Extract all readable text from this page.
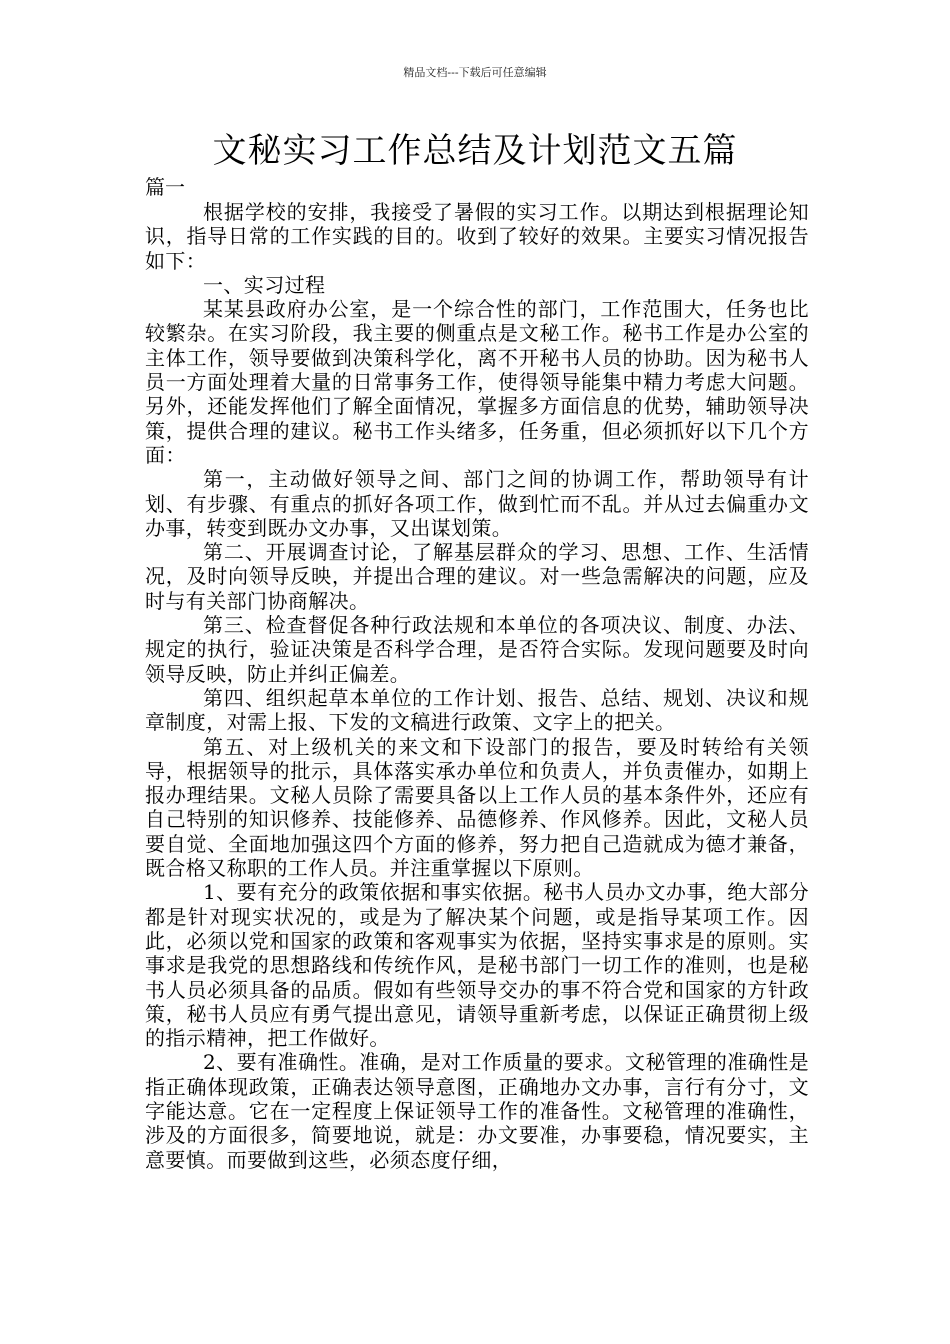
精品文档---下载后可任意编辑
文秘实习工作总结及计划范文五篇

篇一

根据学校的安排，我接受了暑假的实习工作。以期达到根据理论知识，指导日常的工作实践的目的。收到了较好的效果。主要实习情况报告如下：

一、实习过程

某某县政府办公室，是一个综合性的部门，工作范围大，任务也比较繁杂。在实习阶段，我主要的侧重点是文秘工作。秘书工作是办公室的主体工作，领导要做到决策科学化，离不开秘书人员的协助。因为秘书人员一方面处理着大量的日常事务工作，使得领导能集中精力考虑大问题。另外，还能发挥他们了解全面情况，掌握多方面信息的优势，辅助领导决策，提供合理的建议。秘书工作头绪多，任务重，但必须抓好以下几个方面：

第一，主动做好领导之间、部门之间的协调工作，帮助领导有计划、有步骤、有重点的抓好各项工作，做到忙而不乱。并从过去偏重办文办事，转变到既办文办事，又出谋划策。

第二、开展调查讨论，了解基层群众的学习、思想、工作、生活情况，及时向领导反映，并提出合理的建议。对一些急需解决的问题，应及时与有关部门协商解决。

第三、检查督促各种行政法规和本单位的各项决议、制度、办法、规定的执行，验证决策是否科学合理，是否符合实际。发现问题要及时向领导反映，防止并纠正偏差。

第四、组织起草本单位的工作计划、报告、总结、规划、决议和规章制度，对需上报、下发的文稿进行政策、文字上的把关。

第五、对上级机关的来文和下设部门的报告，要及时转给有关领导，根据领导的批示，具体落实承办单位和负责人，并负责催办，如期上报办理结果。文秘人员除了需要具备以上工作人员的基本条件外，还应有自己特别的知识修养、技能修养、品德修养、作风修养。因此，文秘人员要自觉、全面地加强这四个方面的修养，努力把自己造就成为德才兼备，既合格又称职的工作人员。并注重掌握以下原则。

1、要有充分的政策依据和事实依据。秘书人员办文办事，绝大部分都是针对现实状况的，或是为了解决某个问题，或是指导某项工作。因此，必须以党和国家的政策和客观事实为依据，坚持实事求是的原则。实事求是我党的思想路线和传统作风，是秘书部门一切工作的准则，也是秘书人员必须具备的品质。假如有些领导交办的事不符合党和国家的方针政策，秘书人员应有勇气提出意见，请领导重新考虑，以保证正确贯彻上级的指示精神，把工作做好。

2、要有准确性。准确，是对工作质量的要求。文秘管理的准确性是指正确体现政策，正确表达领导意图，正确地办文办事，言行有分寸，文字能达意。它在一定程度上保证领导工作的准备性。文秘管理的准确性，涉及的方面很多，简要地说，就是：办文要准，办事要稳，情况要实，主意要慎。而要做到这些，必须态度仔细，
